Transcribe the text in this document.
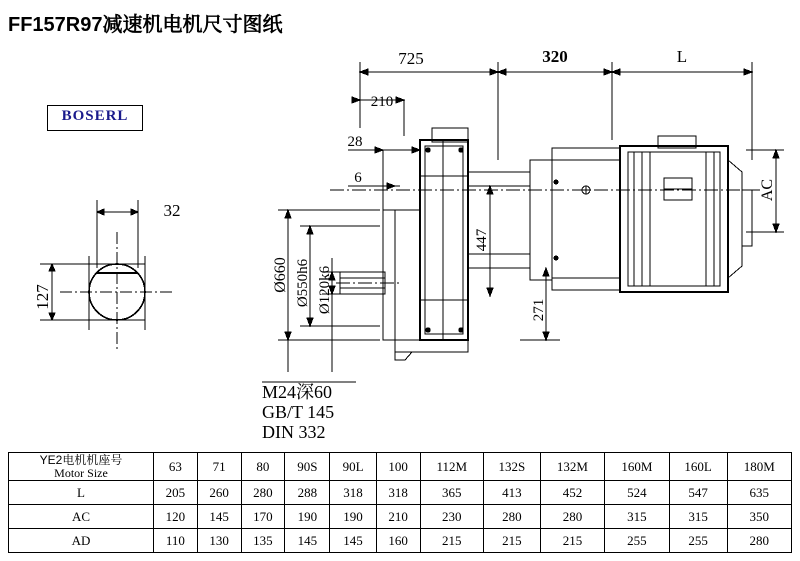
FF157R97减速机电机尺寸图纸
BOSERL
725	320	L
210
28
6
32
127
Ø660 Ø550h6 Ø120k6
447
271
AC
M24深60
GB/T 145
DIN 332
YE2电机机座号
Motor Size	63	71	80	90S	90L	100	112M	132S	132M	160M	160L	180M
L	205	260	280	288	318	318	365	413	452	524	547	635
AC	120	145	170	190	190	210	230	280	280	315	315	350
AD	110	130	135	145	145	160	215	215	215	255	255	280
